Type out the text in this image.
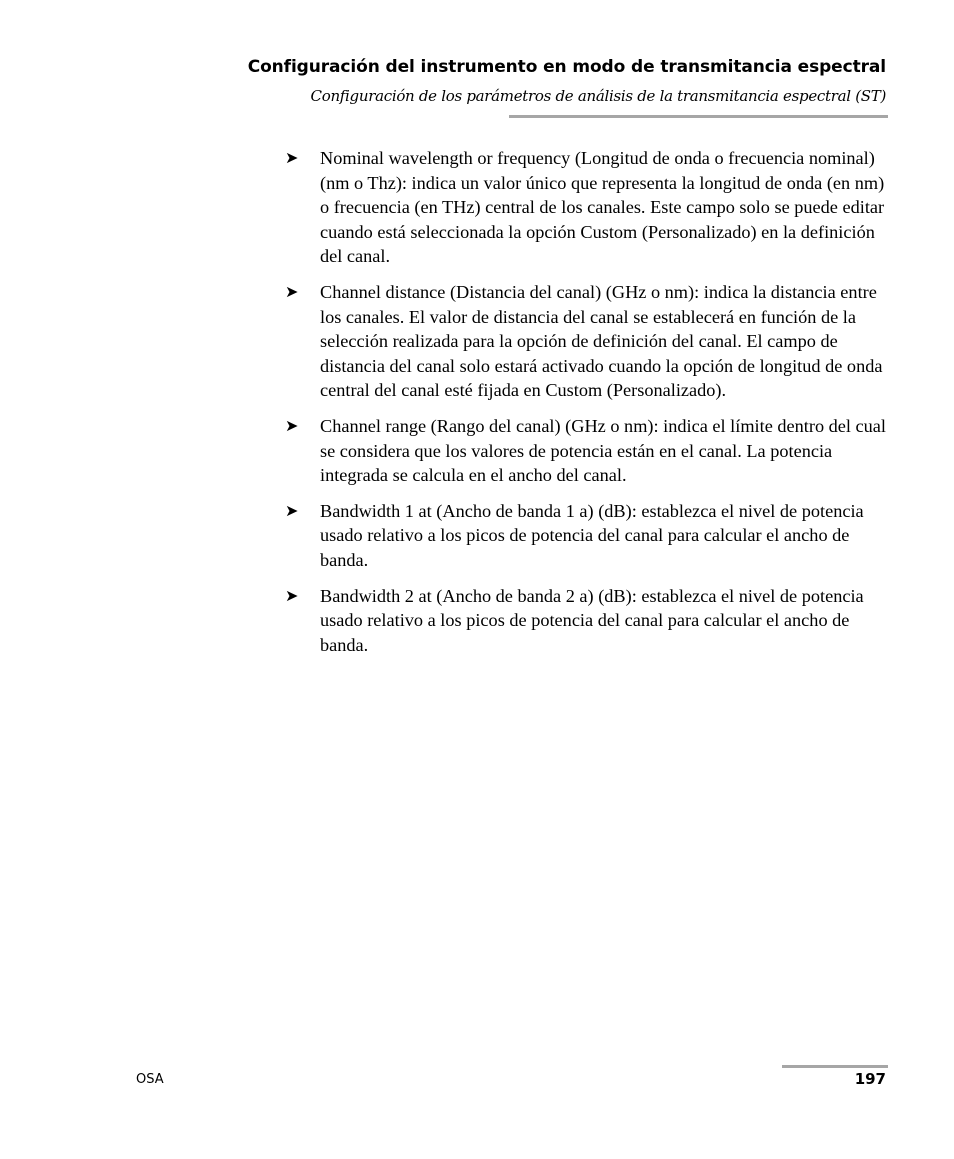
Configuración del instrumento en modo de transmitancia espectral
Configuración de los parámetros de análisis de la transmitancia espectral (ST)
➤ Nominal wavelength or frequency (Longitud de onda o frecuencia nominal) (nm o Thz): indica un valor único que representa la longitud de onda (en nm) o frecuencia (en THz) central de los canales. Este campo solo se puede editar cuando está seleccionada la opción Custom (Personalizado) en la definición del canal.
➤ Channel distance (Distancia del canal) (GHz o nm): indica la distancia entre los canales. El valor de distancia del canal se establecerá en función de la selección realizada para la opción de definición del canal. El campo de distancia del canal solo estará activado cuando la opción de longitud de onda central del canal esté fijada en Custom (Personalizado).
➤ Channel range (Rango del canal) (GHz o nm): indica el límite dentro del cual se considera que los valores de potencia están en el canal. La potencia integrada se calcula en el ancho del canal.
➤ Bandwidth 1 at (Ancho de banda 1 a) (dB): establezca el nivel de potencia usado relativo a los picos de potencia del canal para calcular el ancho de banda.
➤ Bandwidth 2 at (Ancho de banda 2 a) (dB): establezca el nivel de potencia usado relativo a los picos de potencia del canal para calcular el ancho de banda.
OSA	197
